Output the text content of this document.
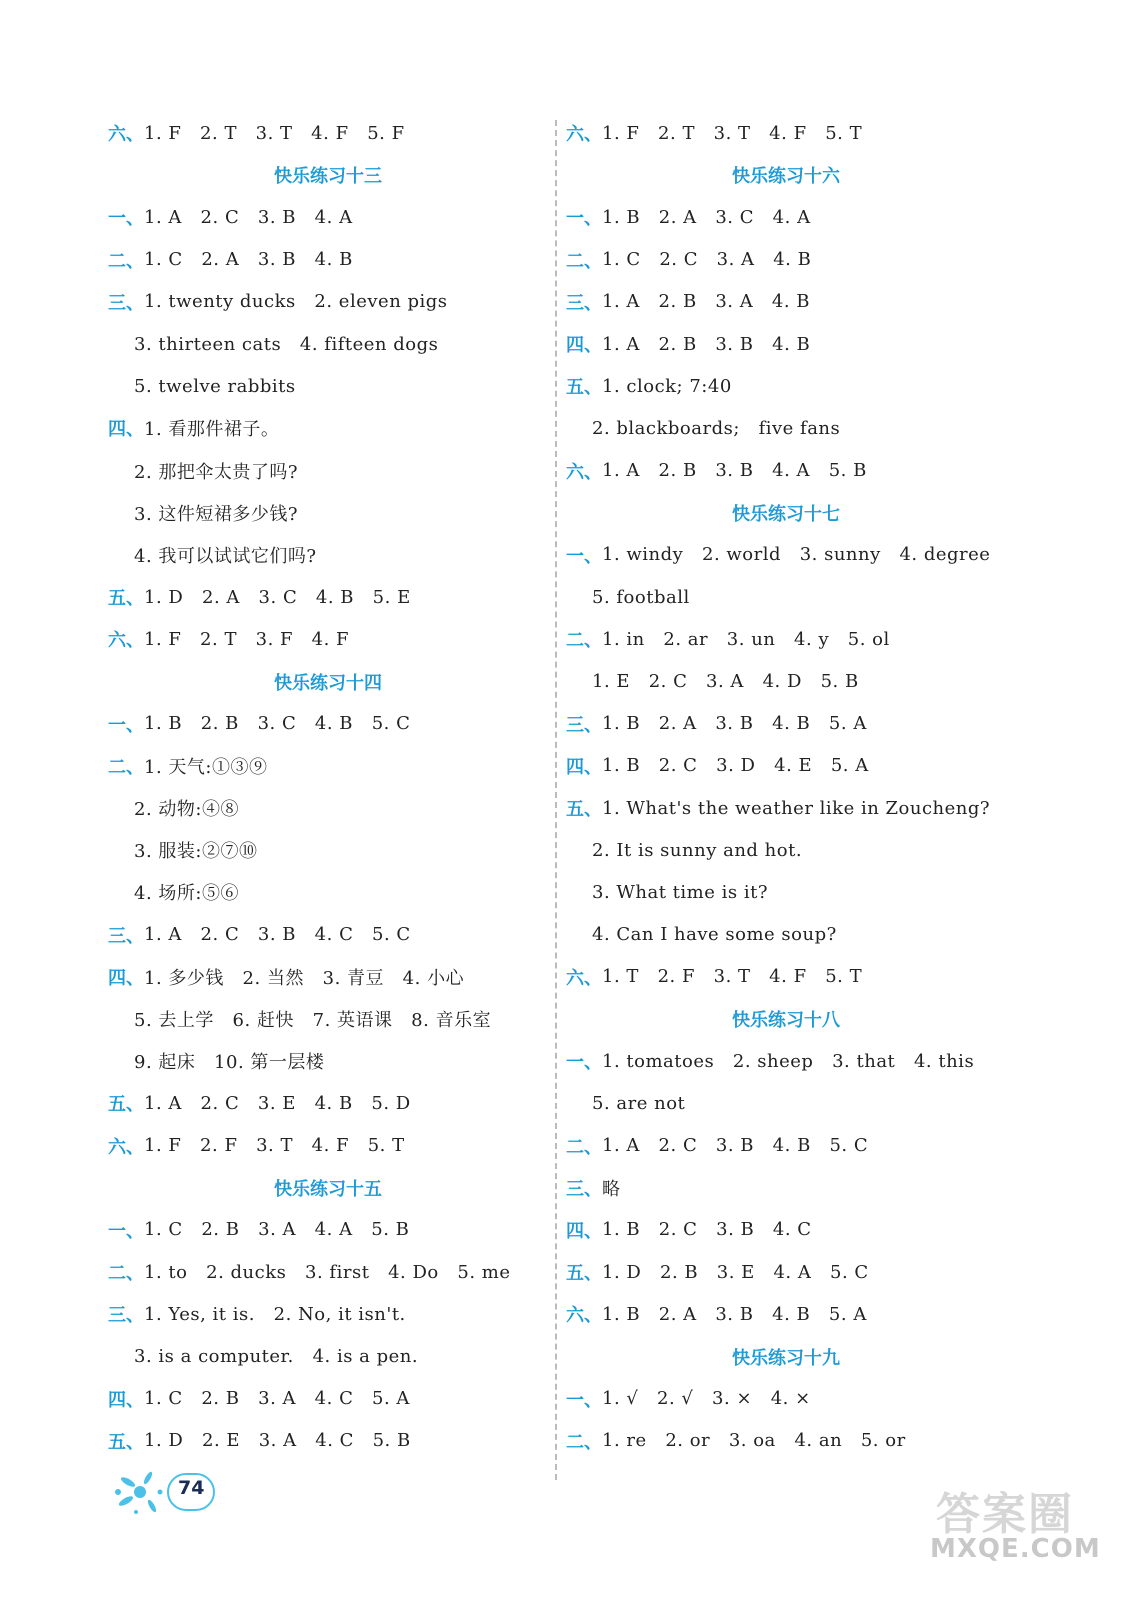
六、 1. F   2. T   3. T   4. F   5. F
快乐练习十三
一、 1. A   2. C   3. B   4. A
二、 1. C   2. A   3. B   4. B
三、 1. twenty ducks   2. eleven pigs
3. thirteen cats   4. fifteen dogs
5. twelve rabbits
四、 1. 看那件裙子。
2. 那把伞太贵了吗?
3. 这件短裙多少钱?
4. 我可以试试它们吗?
五、 1. D   2. A   3. C   4. B   5. E
六、 1. F   2. T   3. F   4. F
快乐练习十四
一、 1. B   2. B   3. C   4. B   5. C
二、 1. 天气:①③⑨
2. 动物:④⑧
3. 服装:②⑦⑩
4. 场所:⑤⑥
三、 1. A   2. C   3. B   4. C   5. C
四、 1. 多少钱   2. 当然   3. 青豆   4. 小心
5. 去上学   6. 赶快   7. 英语课   8. 音乐室
9. 起床   10. 第一层楼
五、 1. A   2. C   3. E   4. B   5. D
六、 1. F   2. F   3. T   4. F   5. T
快乐练习十五
一、 1. C   2. B   3. A   4. A   5. B
二、 1. to   2. ducks   3. first   4. Do   5. me
三、 1. Yes, it is.   2. No, it isn't.
3. is a computer.   4. is a pen.
四、 1. C   2. B   3. A   4. C   5. A
五、 1. D   2. E   3. A   4. C   5. B
六、 1. F   2. T   3. T   4. F   5. T
快乐练习十六
一、 1. B   2. A   3. C   4. A
二、 1. C   2. C   3. A   4. B
三、 1. A   2. B   3. A   4. B
四、 1. A   2. B   3. B   4. B
五、 1. clock; 7:40
2. blackboards;   five fans
六、 1. A   2. B   3. B   4. A   5. B
快乐练习十七
一、 1. windy   2. world   3. sunny   4. degree
5. football
二、 1. in   2. ar   3. un   4. y   5. ol
1. E   2. C   3. A   4. D   5. B
三、 1. B   2. A   3. B   4. B   5. A
四、 1. B   2. C   3. D   4. E   5. A
五、 1. What's the weather like in Zoucheng?
2. It is sunny and hot.
3. What time is it?
4. Can I have some soup?
六、 1. T   2. F   3. T   4. F   5. T
快乐练习十八
一、 1. tomatoes   2. sheep   3. that   4. this
5. are not
二、 1. A   2. C   3. B   4. B   5. C
三、 略
四、 1. B   2. C   3. B   4. C
五、 1. D   2. B   3. E   4. A   5. C
六、 1. B   2. A   3. B   4. B   5. A
快乐练习十九
一、 1. √   2. √   3. ×   4. ×
二、 1. re   2. or   3. oa   4. an   5. or
74
答案圈
MXQE.COM
